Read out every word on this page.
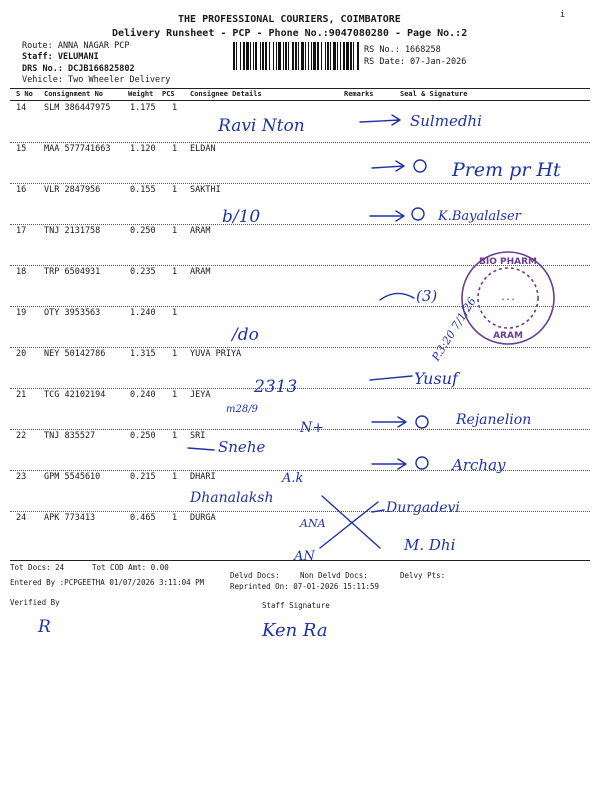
THE PROFESSIONAL COURIERS, COIMBATORE
Delivery Runsheet - PCP - Phone No.:9047080280 - Page No.:2
Route: ANNA NAGAR PCP
Staff: VELUMANI
DRS No.: DCJB166825802
Vehicle: Two Wheeler Delivery
RS No.: 1668258
RS Date: 07-Jan-2026
i
S No Consignment No	Weight PCS Consignee Details	Remarks	Seal & Signature
14 SLM 386447975 1.175 1
15 MAA 577741663 1.120 1 ELDAN
16 VLR 2847956	0.155 1 SAKTHI
17 TNJ 2131758	0.250 1 ARAM
18 TRP 6504931	0.235 1 ARAM
19 OTY 3953563	1.240 1
20 NEY 50142786	1.315 1 YUVA PRIYA
21 TCG 42102194	0.240 1 JEYA
22 TNJ 835527	0.250 1 SRI
23 GPM 5545610	0.215 1 DHARI
24 APK 773413	0.465 1 DURGA
Tot Docs: 24	Tot COD Amt: 0.00
Delvd Docs:	Non Delvd Docs:	Delvy Pts:
Entered By :PCPGEETHA 01/07/2026 3:11:04 PM	Reprinted On: 07-01-2026 15:11:59
Verified By	Staff Signature
BIO PHARM
ARAM
· · ·
Ravi Nton	Sulmedhi
Prem pr Ht
b/10	K.Bayalalser
(3)
/do	P.3:20 7/1/26
2313	Yusuf
m28/9
N+	Rejanelion
Snehe
Archay
A.k
Dhanalaksh
Durgadevi
ANA
M. Dhi
AN
R	Ken Ra
